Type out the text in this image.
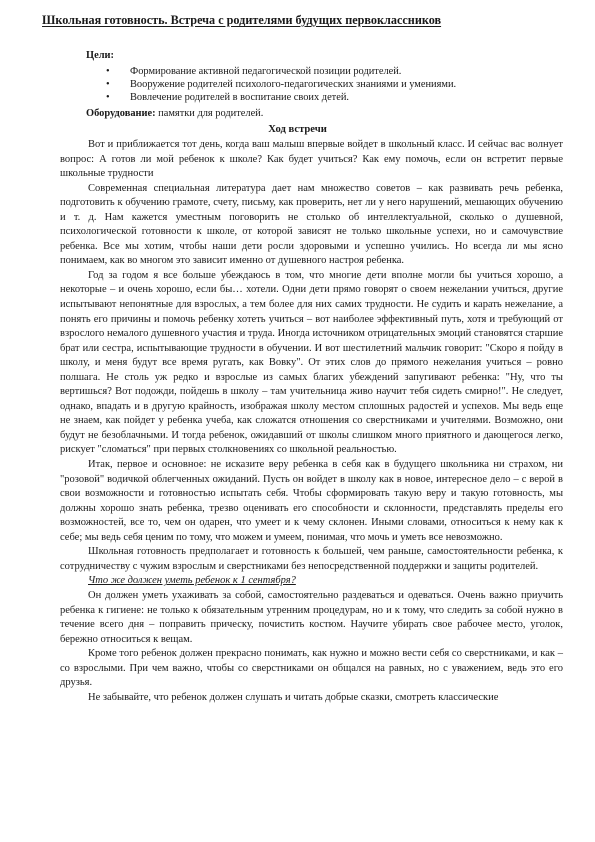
Школьная готовность. Встреча с родителями будущих первоклассников
Цели:
• Формирование активной педагогической позиции родителей.
• Вооружение родителей психолого-педагогических знаниями и умениями.
• Вовлечение родителей в воспитание своих детей.
Оборудование: памятки для родителей.
Ход встречи

Вот и приближается тот день, когда ваш малыш впервые войдет в школьный класс. И сейчас вас волнует вопрос: А готов ли мой ребенок к школе? Как будет учиться? Как ему помочь, если он встретит первые школьные трудности

Современная специальная литература дает нам множество советов – как развивать речь ребенка, подготовить к обучению грамоте, счету, письму, как проверить, нет ли у него нарушений, мешающих обучению и т. д. Нам кажется уместным поговорить не столько об интеллектуальной, сколько о душевной, психологической готовности к школе, от которой зависят не только школьные успехи, но и самочувствие ребенка. Все мы хотим, чтобы наши дети росли здоровыми и успешно учились. Но всегда ли мы ясно понимаем, как во многом это зависит именно от душевного настроя ребенка.

Год за годом я все больше убеждаюсь в том, что многие дети вполне могли бы учиться хорошо, а некоторые – и очень хорошо, если бы… хотели. Одни дети прямо говорят о своем нежелании учиться, другие испытывают непонятные для взрослых, а тем более для них самих трудности. Не судить и карать нежелание, а понять его причины и помочь ребенку хотеть учиться – вот наиболее эффективный путь, хотя и требующий от взрослого немалого душевного участия и труда. Иногда источником отрицательных эмоций становятся старшие брат или сестра, испытывающие трудности в обучении. И вот шестилетний мальчик говорит: "Скоро я пойду в школу, и меня будут все время ругать, как Вовку". От этих слов до прямого нежелания учиться – ровно полшага. Не столь уж редко и взрослые из самых благих убеждений запугивают ребенка: "Ну, что ты вертишься? Вот подожди, пойдешь в школу – там учительница живо научит тебя сидеть смирно!". Не следует, однако, впадать и в другую крайность, изображая школу местом сплошных радостей и успехов. Мы ведь еще не знаем, как пойдет у ребенка учеба, как сложатся отношения со сверстниками и учителями. Возможно, они будут не безоблачными. И тогда ребенок, ожидавший от школы слишком много приятного и дающегося легко, рискует "сломаться" при первых столкновениях со школьной реальностью.

Итак, первое и основное: не исказите веру ребенка в себя как в будущего школьника ни страхом, ни "розовой" водичкой облегченных ожиданий. Пусть он войдет в школу как в новое, интересное дело – с верой в свои возможности и готовностью испытать себя. Чтобы сформировать такую веру и такую готовность, мы должны хорошо знать ребенка, трезво оценивать его способности и склонности, представлять пределы его возможностей, все то, чем он одарен, что умеет и к чему склонен. Иными словами, относиться к нему как к себе; мы ведь себя ценим по тому, что можем и умеем, понимая, что мочь и уметь все невозможно.

Школьная готовность предполагает и готовность к большей, чем раньше, самостоятельности ребенка, к сотрудничеству с чужим взрослым и сверстниками без непосредственной поддержки и защиты родителей.

Что же должен уметь ребенок к 1 сентября?

Он должен уметь ухаживать за собой, самостоятельно раздеваться и одеваться. Очень важно приучить ребенка к гигиене: не только к обязательным утренним процедурам, но и к тому, что следить за собой нужно в течение всего дня – поправить прическу, почистить костюм. Научите убирать свое рабочее место, уголок, бережно относиться к вещам.

Кроме того ребенок должен прекрасно понимать, как нужно и можно вести себя со сверстниками, и как – со взрослыми. При чем важно, чтобы со сверстниками он общался на равных, но с уважением, ведь это его друзья.

Не забывайте, что ребенок должен слушать и читать добрые сказки, смотреть классические
